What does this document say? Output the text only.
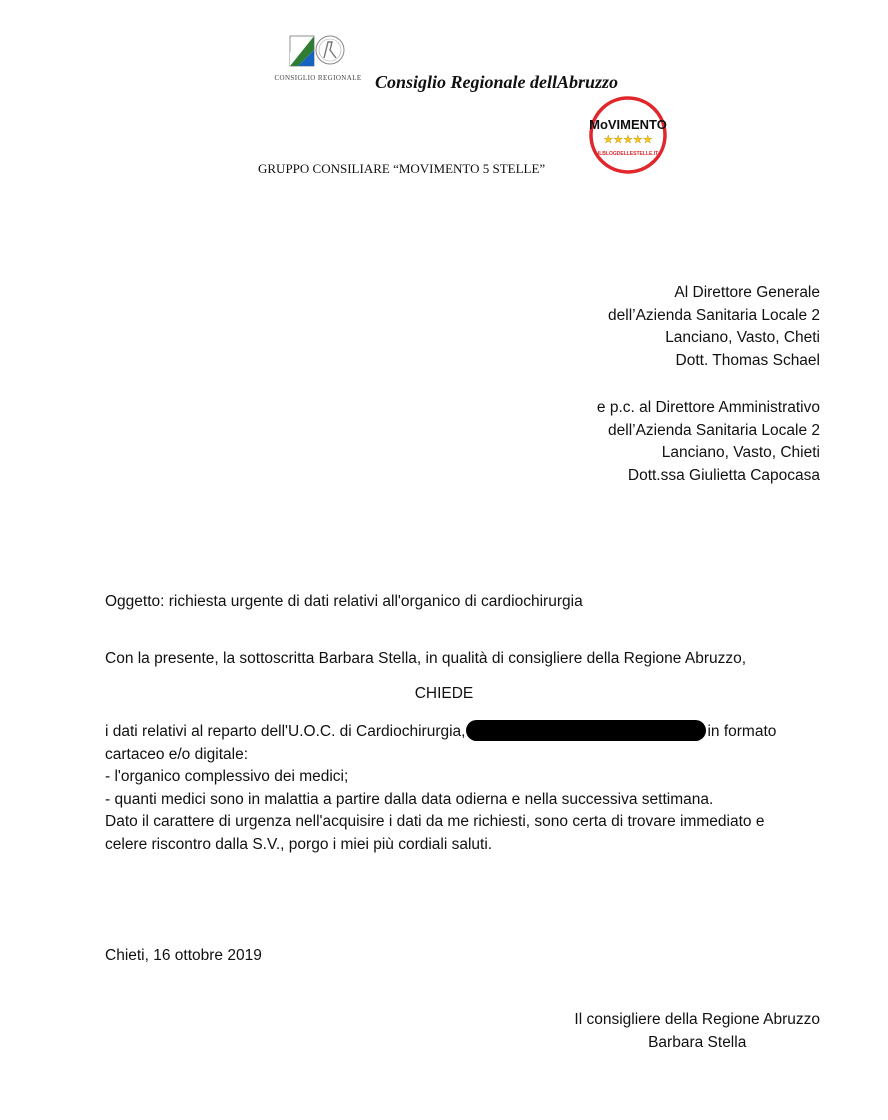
CONSIGLIO REGIONALE Consiglio Regionale dellAbruzzo
MoVIMENTO
★★★★★
ILBLOGDELLESTELLE.IT
GRUPPO CONSILIARE “MOVIMENTO 5 STELLE”
Al Direttore Generale
dell’Azienda Sanitaria Locale 2
Lanciano, Vasto, Cheti
Dott. Thomas Schael
e p.c. al Direttore Amministrativo
dell’Azienda Sanitaria Locale 2
Lanciano, Vasto, Chieti
Dott.ssa Giulietta Capocasa
Oggetto: richiesta urgente di dati relativi all'organico di cardiochirurgia
Con la presente, la sottoscritta Barbara Stella, in qualità di consigliere della Regione Abruzzo,
CHIEDE
i dati relativi al reparto dell'U.O.C. di Cardiochirurgia,	in formato
cartaceo e/o digitale:
- l'organico complessivo dei medici;
- quanti medici sono in malattia a partire dalla data odierna e nella successiva settimana.
Dato il carattere di urgenza nell'acquisire i dati da me richiesti, sono certa di trovare immediato e
celere riscontro dalla S.V., porgo i miei più cordiali saluti.
Chieti, 16 ottobre 2019
Il consigliere della Regione Abruzzo
Barbara Stella
